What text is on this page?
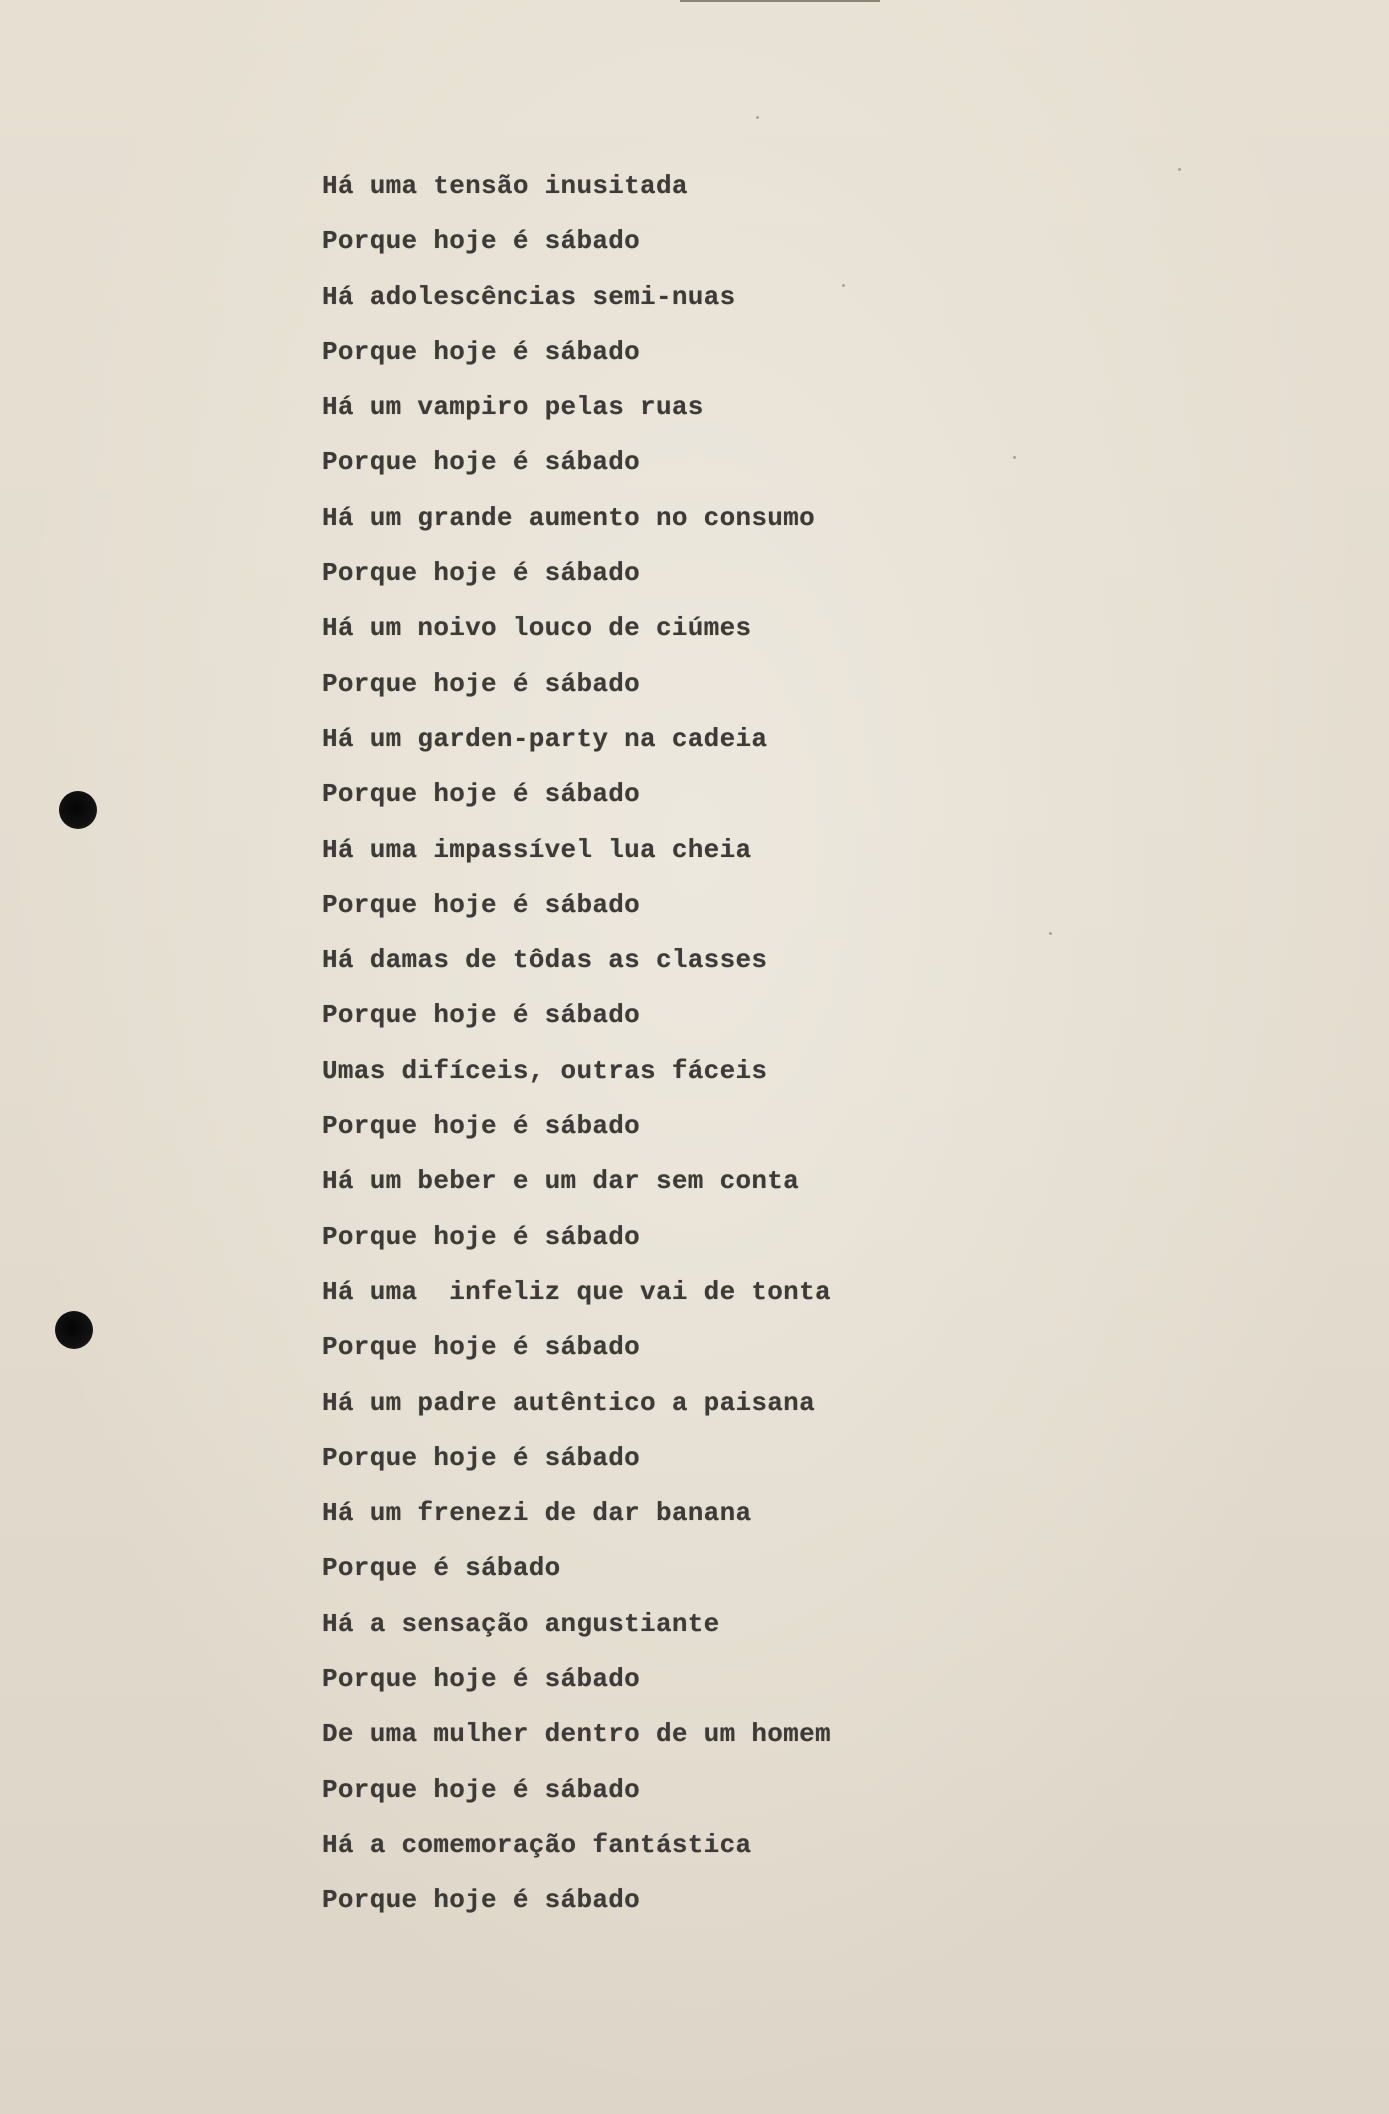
Há uma tensão inusitada
Porque hoje é sábado
Há adolescências semi-nuas
Porque hoje é sábado
Há um vampiro pelas ruas
Porque hoje é sábado
Há um grande aumento no consumo
Porque hoje é sábado
Há um noivo louco de ciúmes
Porque hoje é sábado
Há um garden-party na cadeia
Porque hoje é sábado
Há uma impassível lua cheia
Porque hoje é sábado
Há damas de tôdas as classes
Porque hoje é sábado
Umas difíceis, outras fáceis
Porque hoje é sábado
Há um beber e um dar sem conta
Porque hoje é sábado
Há uma  infeliz que vai de tonta
Porque hoje é sábado
Há um padre autêntico a paisana
Porque hoje é sábado
Há um frenezi de dar banana
Porque é sábado
Há a sensação angustiante
Porque hoje é sábado
De uma mulher dentro de um homem
Porque hoje é sábado
Há a comemoração fantástica
Porque hoje é sábado
